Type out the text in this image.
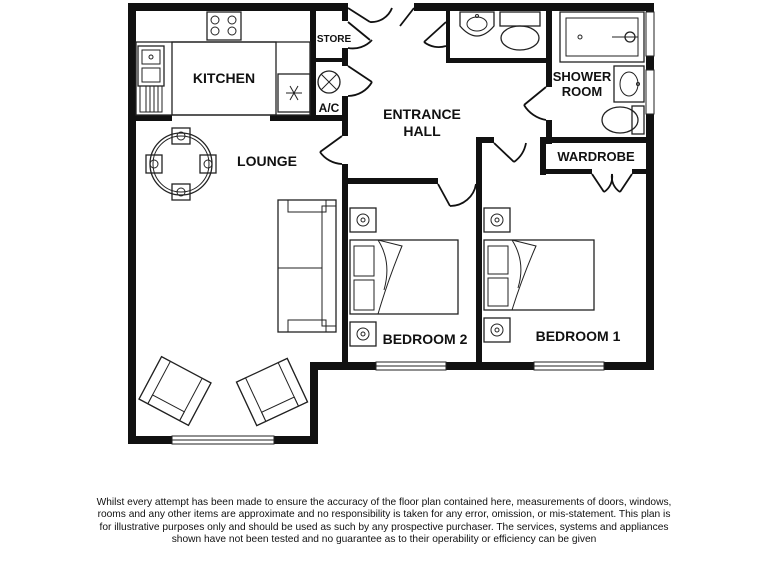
KITCHEN
STORE
A/C	ENTRANCE
HALL
SHOWER
ROOM
LOUNGE	WARDROBE
BEDROOM 2	BEDROOM 1
Whilst every attempt has been made to ensure the accuracy of the floor plan contained here, measurements of doors, windows, rooms and any other items are approximate and no responsibility is taken for any error, omission, or mis-statement. This plan is for illustrative purposes only and should be used as such by any prospective purchaser. The services, systems and appliances shown have not been tested and no guarantee as to their operability or efficiency can be given
